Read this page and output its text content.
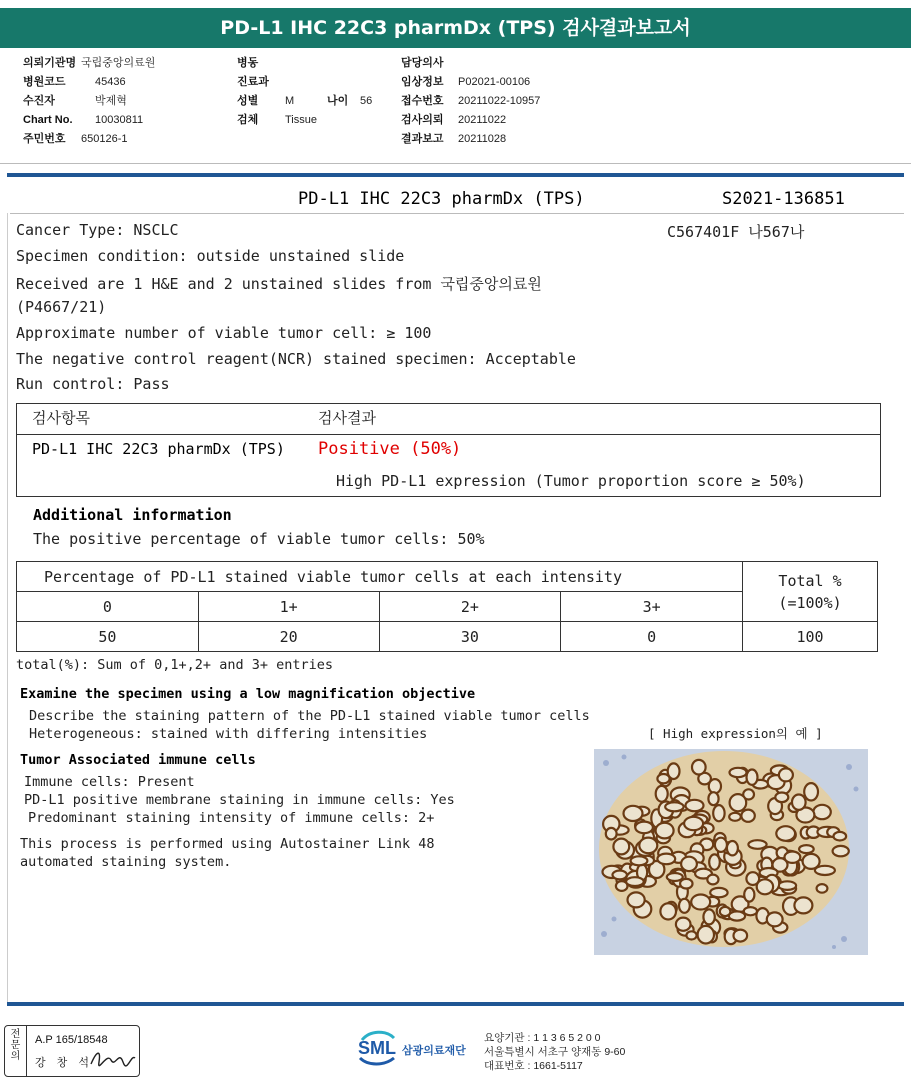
PD-L1 IHC 22C3 pharmDx (TPS) 검사결과보고서
의뢰기관명 국립중앙의료원
병원코드	45436
수진자	박제혁
Chart No.	10030811
주민번호	650126-1
병동
진료과
성별	M	나이	56
검체	Tissue
담당의사
임상정보	P02021-00106
접수번호	20211022-10957
검사의뢰	20211022
결과보고	20211028
PD-L1 IHC 22C3 pharmDx (TPS)	S2021-136851
Cancer Type: NSCLC	C567401F 나567나
Specimen condition: outside unstained slide
Received are 1 H&E and 2 unstained slides from 국립중앙의료원
(P4667/21)
Approximate number of viable tumor cell: ≥ 100
The negative control reagent(NCR) stained specimen: Acceptable
Run control: Pass
검사항목	검사결과
PD-L1 IHC 22C3 pharmDx (TPS) Positive (50%)
High PD-L1 expression (Tumor proportion score ≥ 50%)
Additional information
The positive percentage of viable tumor cells: 50%
Percentage of PD-L1 stained viable tumor cells at each intensity				Total %
(=100%)

0	1+	2+	3+	
50	20	30	0	100
total(%): Sum of 0,1+,2+ and 3+ entries
Examine the specimen using a low magnification objective
Describe the staining pattern of the PD-L1 stained viable tumor cells
Heterogeneous: stained with differing intensities	[ High expression의 예 ]
Tumor Associated immune cells
Immune cells: Present
PD-L1 positive membrane staining in immune cells: Yes
Predominant staining intensity of immune cells: 2+
This process is performed using Autostainer Link 48
automated staining system.
전문의
A.P 165/18548
강 창 석
SML 삼광의료재단
요양기관 : 1 1 3 6 5 2 0 0
서울특별시 서초구 양재동 9-60
대표번호 : 1661-5117
